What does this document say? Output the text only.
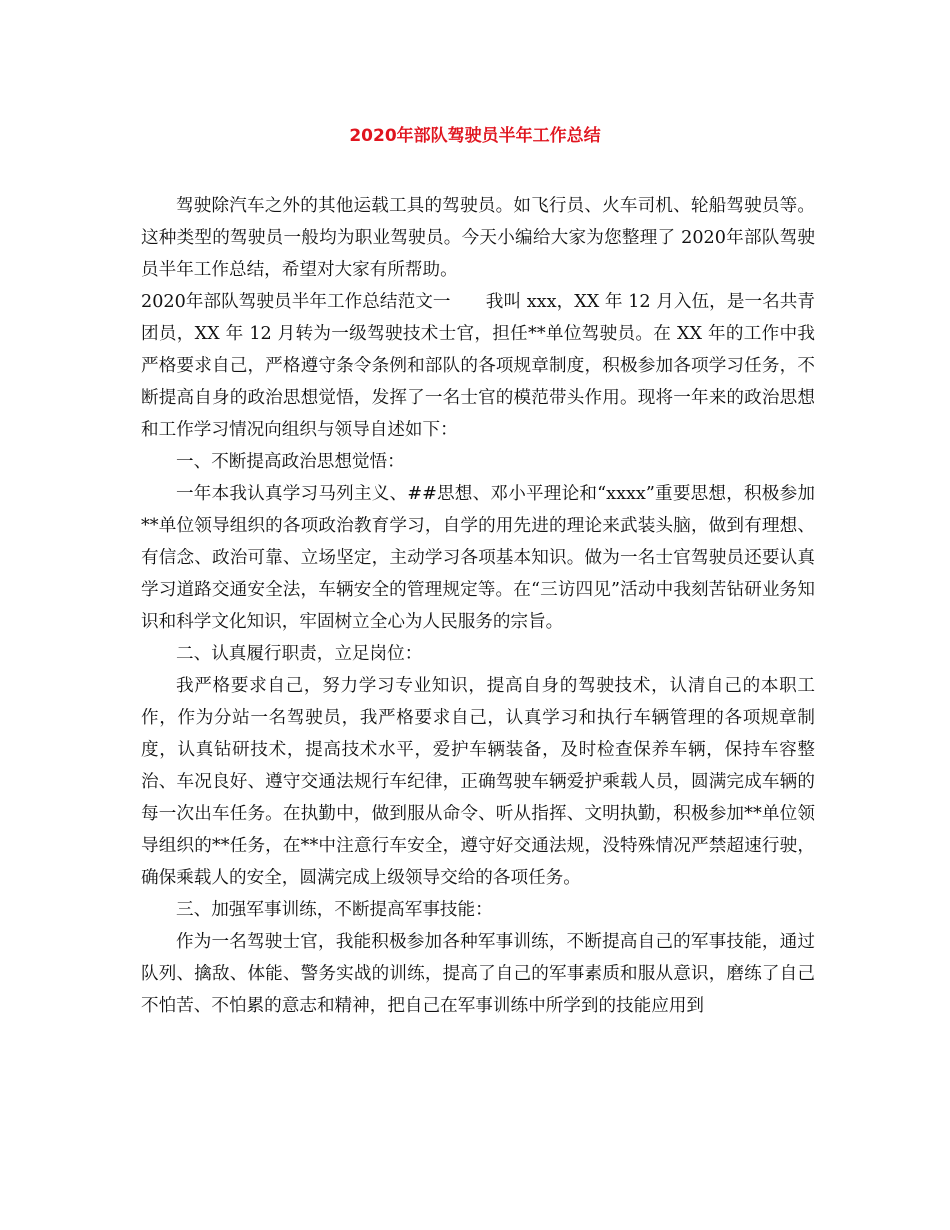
2020年部队驾驶员半年工作总结

驾驶除汽车之外的其他运载工具的驾驶员。如飞行员、火车司机、轮船驾驶员等。这种类型的驾驶员一般均为职业驾驶员。今天小编给大家为您整理了 2020年部队驾驶员半年工作总结，希望对大家有所帮助。

2020年部队驾驶员半年工作总结范文一　　我叫 xxx，XX 年 12 月入伍，是一名共青团员，XX 年 12 月转为一级驾驶技术士官，担任**单位驾驶员。在 XX 年的工作中我严格要求自己，严格遵守条令条例和部队的各项规章制度，积极参加各项学习任务，不断提高自身的政治思想觉悟，发挥了一名士官的模范带头作用。现将一年来的政治思想和工作学习情况向组织与领导自述如下：

一、不断提高政治思想觉悟：

一年本我认真学习马列主义、##思想、邓小平理论和“xxxx”重要思想，积极参加**单位领导组织的各项政治教育学习，自学的用先进的理论来武装头脑，做到有理想、有信念、政治可靠、立场坚定，主动学习各项基本知识。做为一名士官驾驶员还要认真学习道路交通安全法，车辆安全的管理规定等。在“三访四见”活动中我刻苦钻研业务知识和科学文化知识，牢固树立全心为人民服务的宗旨。

二、认真履行职责，立足岗位：

我严格要求自己，努力学习专业知识，提高自身的驾驶技术，认清自己的本职工作，作为分站一名驾驶员，我严格要求自己，认真学习和执行车辆管理的各项规章制度，认真钻研技术，提高技术水平，爱护车辆装备，及时检查保养车辆，保持车容整治、车况良好、遵守交通法规行车纪律，正确驾驶车辆爱护乘载人员，圆满完成车辆的每一次出车任务。在执勤中，做到服从命令、听从指挥、文明执勤，积极参加**单位领导组织的**任务，在**中注意行车安全，遵守好交通法规，没特殊情况严禁超速行驶，确保乘载人的安全，圆满完成上级领导交给的各项任务。

三、加强军事训练，不断提高军事技能：

作为一名驾驶士官，我能积极参加各种军事训练，不断提高自己的军事技能，通过队列、擒敌、体能、警务实战的训练，提高了自己的军事素质和服从意识，磨练了自己不怕苦、不怕累的意志和精神，把自己在军事训练中所学到的技能应用到
